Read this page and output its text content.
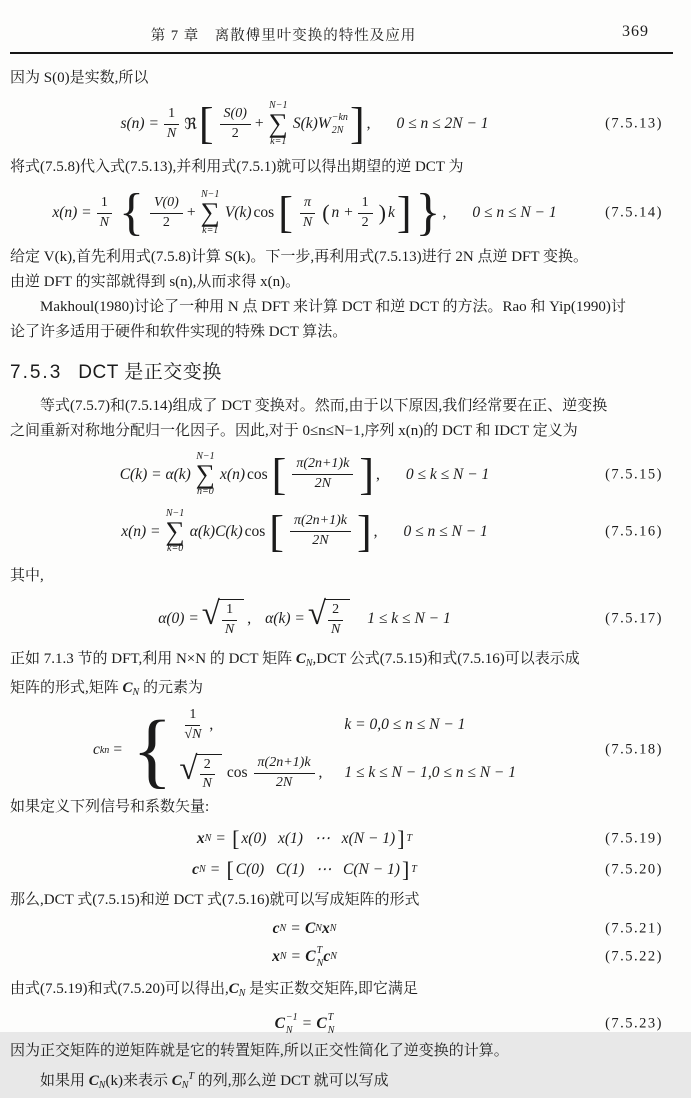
第 7 章　离散傅里叶变换的特性及应用	369

因为 S(0)是实数,所以

$s(n) = \frac{1}{N}$ ℜ [ $\frac{S(0)}{2}$ +
N−1
∑
k=1
S(k)W −kn
2N ] , 0 ≤ n ≤ 2N − 1	(7.5.13)

将式(7.5.8)代入式(7.5.13),并利用式(7.5.1)就可以得出期望的逆 DCT 为

$x(n) = \frac{1}{N}$ { $\frac{V(0)}{2}$ +
N−1
∑
k=1
V(k) cos [ $\frac{\pi}{N}$ ( $n + \frac{1}{2}$ ) k ] } , 0 ≤ n ≤ N − 1	(7.5.14)

给定 V(k),首先利用式(7.5.8)计算 S(k)。下一步,再利用式(7.5.13)进行 2N 点逆 DFT 变换。

由逆 DFT 的实部就得到 s(n),从而求得 x(n)。

Makhoul(1980)讨论了一种用 N 点 DFT 来计算 DCT 和逆 DCT 的方法。Rao 和 Yip(1990)讨

论了许多适用于硬件和软件实现的特殊 DCT 算法。

7.5.3 DCT 是正交变换

等式(7.5.7)和(7.5.14)组成了 DCT 变换对。然而,由于以下原因,我们经常要在正、逆变换

之间重新对称地分配归一化因子。因此,对于 0≤n≤N−1,序列 x(n)的 DCT 和 IDCT 定义为

C(k) = α(k)
N−1
∑
n=0
x(n) cos [ $\frac{\pi(2n+1)k}{2N}$ ] , 0 ≤ k ≤ N − 1	(7.5.15)
x(n) =
N−1
∑
k=0
α(k)C(k) cos [ $\frac{\pi(2n+1)k}{2N}$ ] , 0 ≤ n ≤ N − 1	(7.5.16)

其中,

α(0) = √ $\frac{1}{N}$ , α(k) = √ $\frac{2}{N} 1 \le k \le N - 1$	(7.5.17)

正如 7.1.3 节的 DFT,利用 N×N 的 DCT 矩阵 $C_N,DCT$ 公式(7.5.15)和式(7.5.16)可以表示成

矩阵的形式,矩阵 $C_N$ 的元素为

c kn = { $\frac{1}{√N}$ ,	k = 0,0 ≤ n ≤ N − 1
√ $\frac{2}{N}$ $\cos \frac{\pi(2n+1)k}{2N}$ , 1 ≤ k ≤ N − 1,0 ≤ n ≤ N − 1
(7.5.18)

如果定义下列信号和系数矢量:

x N = [ x(0)   x(1)   ⋯   x(N − 1) ] T	(7.5.19)
c N = [ C(0)   C(1)   ⋯   C(N − 1) ] T	(7.5.20)

那么,DCT 式(7.5.15)和逆 DCT 式(7.5.16)就可以写成矩阵的形式

c N = C N x N	(7.5.21)
x N = C T
N c N	(7.5.22)

由式(7.5.19)和式(7.5.20)可以得出$,C_N$ 是实正数交矩阵,即它满足

C −1
N = C T
N	(7.5.23)

因为正交矩阵的逆矩阵就是它的转置矩阵,所以正交性简化了逆变换的计算。

如果用 $C_N(k)$来表示 $C_N^T$ 的列,那么逆 DCT 就可以写成
